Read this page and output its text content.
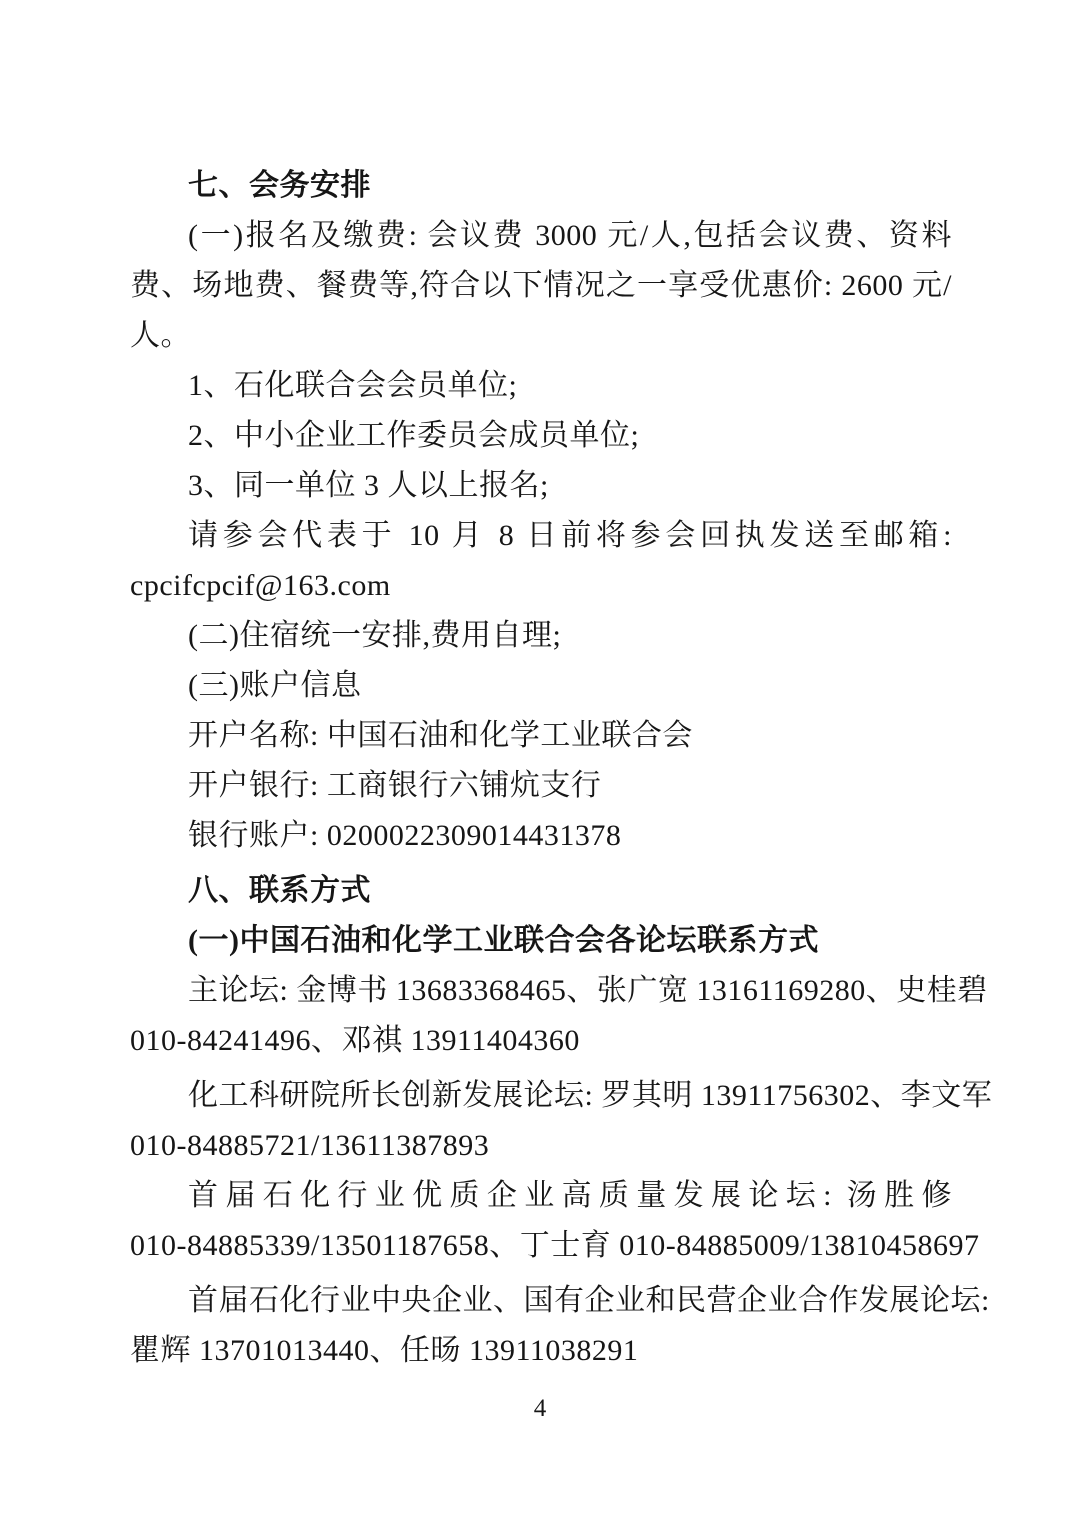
七、会务安排
(一)报名及缴费: 会议费 3000 元/人,包括会议费、资料
费、场地费、餐费等,符合以下情况之一享受优惠价: 2600 元/
人。
1、石化联合会会员单位;
2、中小企业工作委员会成员单位;
3、同一单位 3 人以上报名;
请参会代表于 10 月 8 日前将参会回执发送至邮箱:
cpcifcpcif@163.com
(二)住宿统一安排,费用自理;
(三)账户信息
开户名称: 中国石油和化学工业联合会
开户银行: 工商银行六铺炕支行
银行账户: 0200022309014431378
八、联系方式
(一)中国石油和化学工业联合会各论坛联系方式
主论坛: 金博书 13683368465、张广宽 13161169280、史桂碧
010-84241496、邓祺 13911404360
化工科研院所长创新发展论坛: 罗其明 13911756302、李文军
010-84885721/13611387893
首届石化行业优质企业高质量发展论坛: 汤胜修
010-84885339/13501187658、丁士育 010-84885009/13810458697
首届石化行业中央企业、国有企业和民营企业合作发展论坛:
瞿辉 13701013440、任旸 13911038291
4
